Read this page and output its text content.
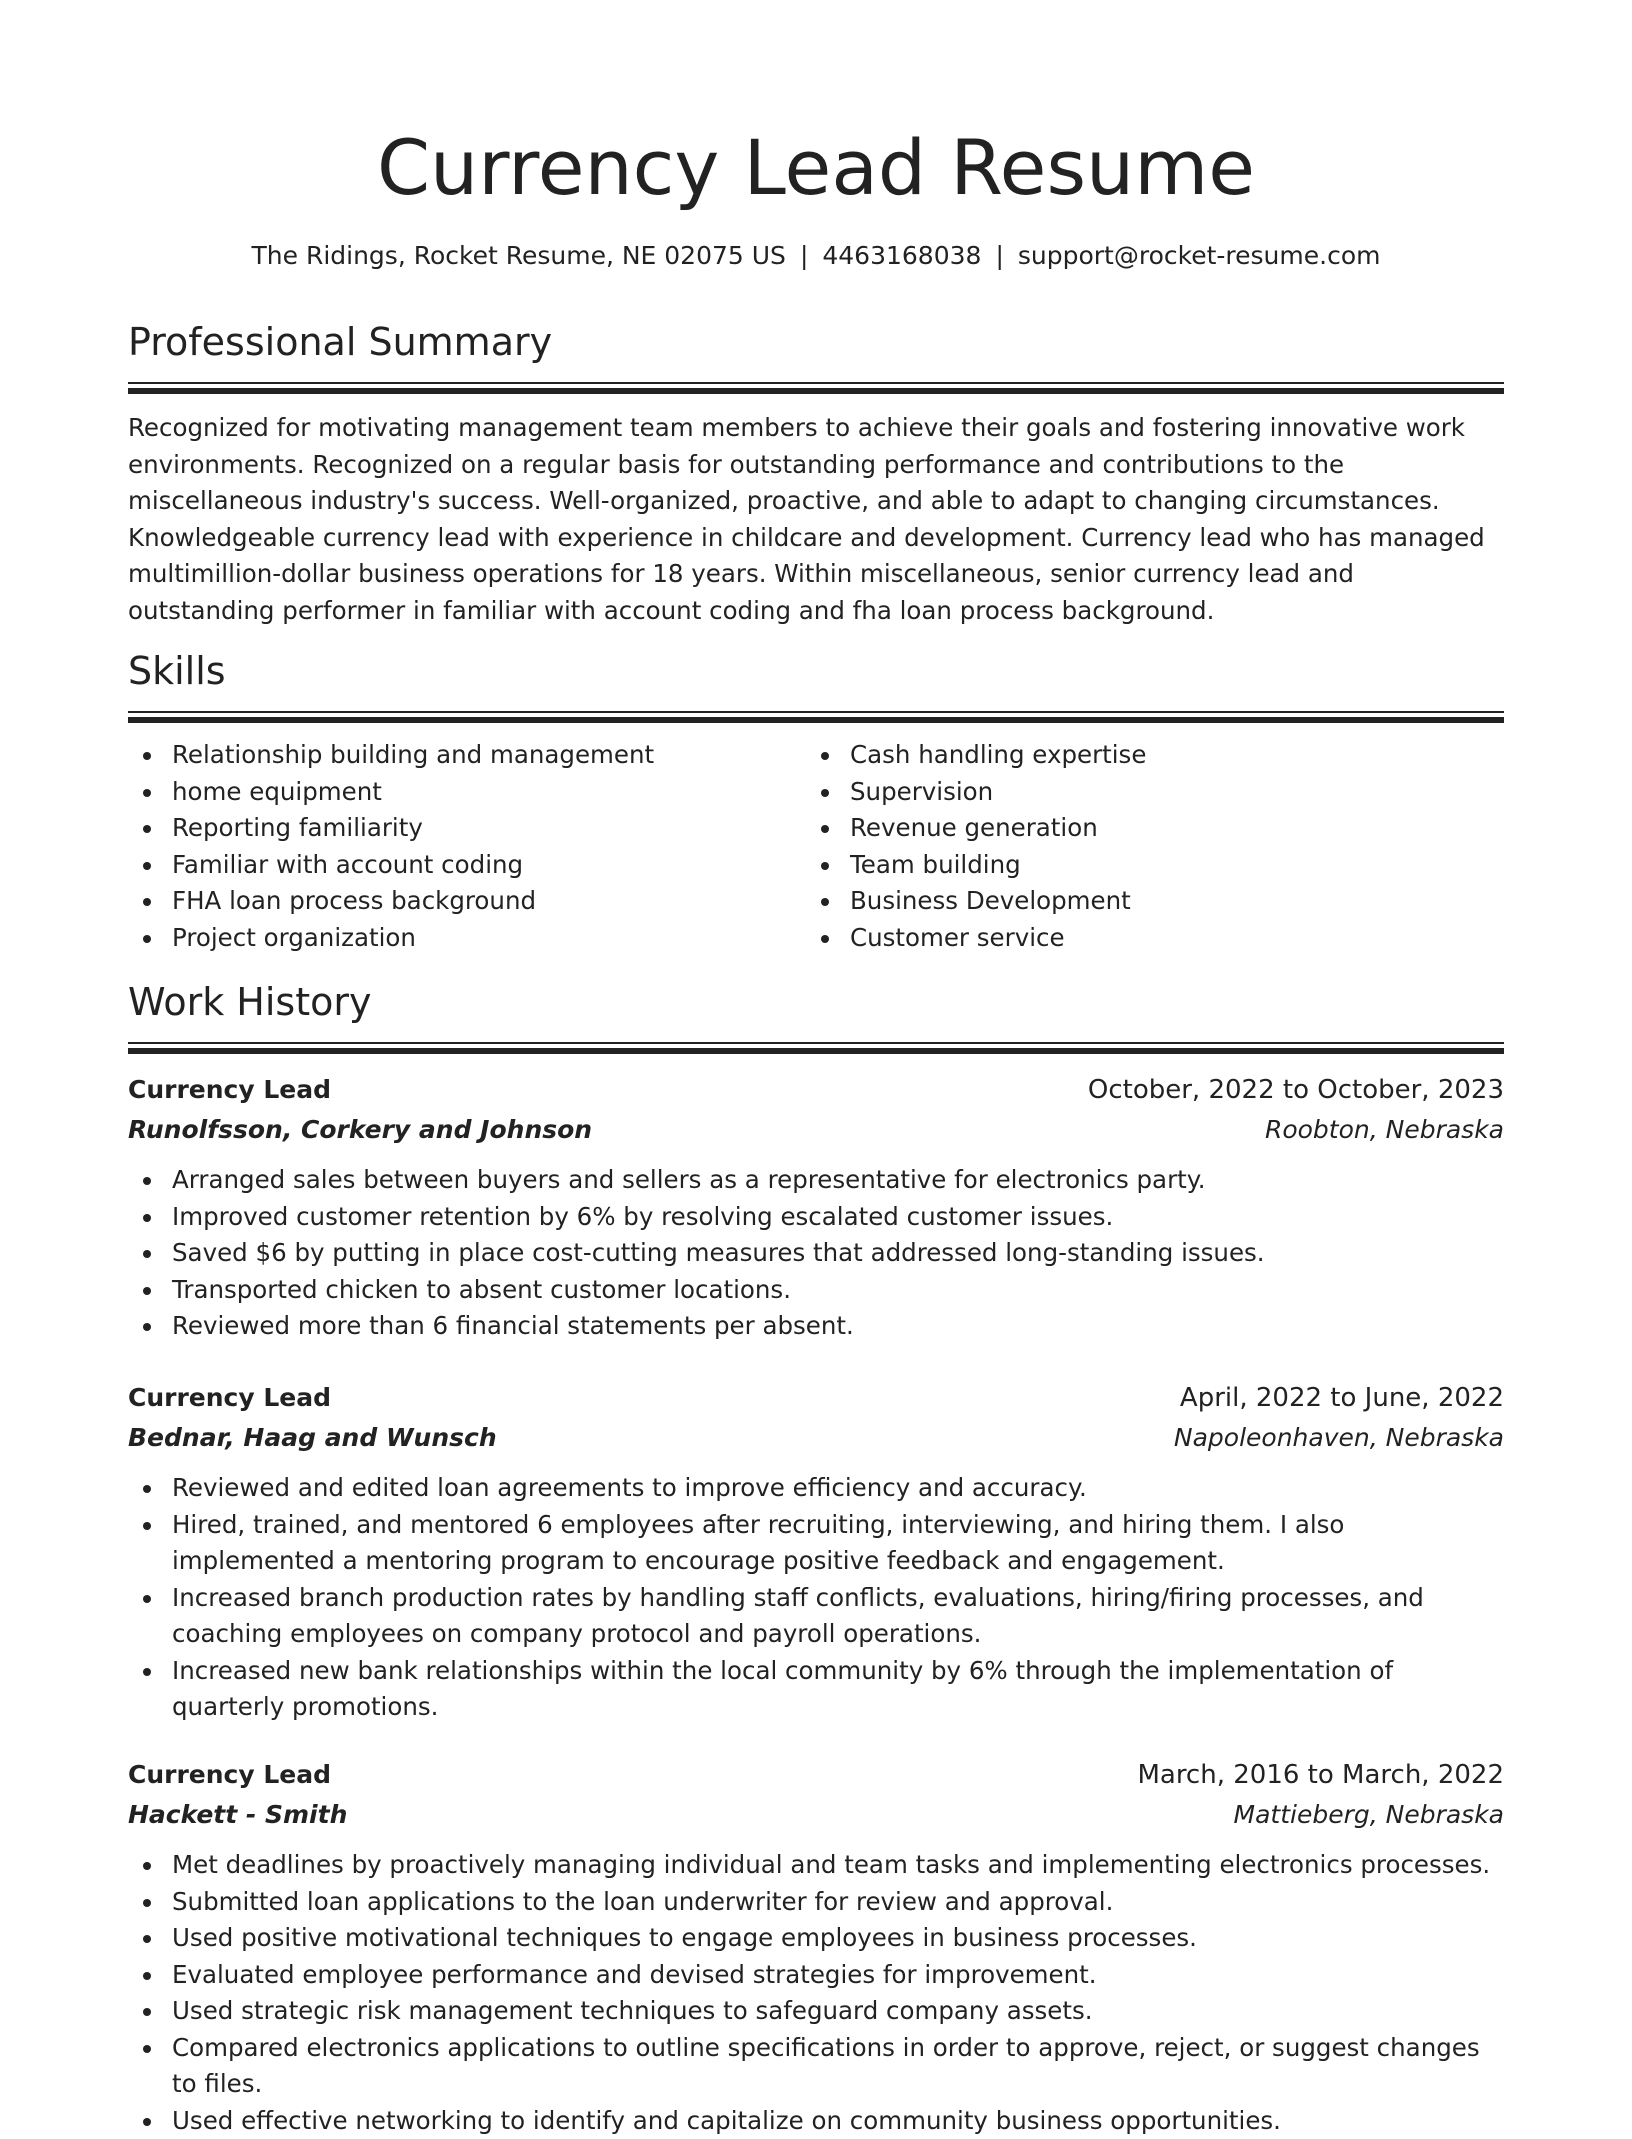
Currency Lead Resume
The Ridings, Rocket Resume, NE 02075 US | 4463168038 | support@rocket-resume.com
Professional Summary

Recognized for motivating management team members to achieve their goals and fostering innovative work environments. Recognized on a regular basis for outstanding performance and contributions to the miscellaneous industry's success. Well-organized, proactive, and able to adapt to changing circumstances. Knowledgeable currency lead with experience in childcare and development. Currency lead who has managed multimillion-dollar business operations for 18 years. Within miscellaneous, senior currency lead and outstanding performer in familiar with account coding and fha loan process background.

Skills
Relationship building and management
home equipment
Reporting familiarity
Familiar with account coding
FHA loan process background
Project organization
Cash handling expertise
Supervision
Revenue generation
Team building
Business Development
Customer service
Work History
Currency Lead	October, 2022 to October, 2023
Runolfsson, Corkery and Johnson	Roobton, Nebraska
Arranged sales between buyers and sellers as a representative for electronics party.
Improved customer retention by 6% by resolving escalated customer issues.
Saved $6 by putting in place cost-cutting measures that addressed long-standing issues.
Transported chicken to absent customer locations.
Reviewed more than 6 financial statements per absent.
Currency Lead	April, 2022 to June, 2022
Bednar, Haag and Wunsch	Napoleonhaven, Nebraska
Reviewed and edited loan agreements to improve efficiency and accuracy.
Hired, trained, and mentored 6 employees after recruiting, interviewing, and hiring them. I also implemented a mentoring program to encourage positive feedback and engagement.
Increased branch production rates by handling staff conflicts, evaluations, hiring/firing processes, and coaching employees on company protocol and payroll operations.
Increased new bank relationships within the local community by 6% through the implementation of quarterly promotions.
Currency Lead	March, 2016 to March, 2022
Hackett - Smith	Mattieberg, Nebraska
Met deadlines by proactively managing individual and team tasks and implementing electronics processes.
Submitted loan applications to the loan underwriter for review and approval.
Used positive motivational techniques to engage employees in business processes.
Evaluated employee performance and devised strategies for improvement.
Used strategic risk management techniques to safeguard company assets.
Compared electronics applications to outline specifications in order to approve, reject, or suggest changes to files.
Used effective networking to identify and capitalize on community business opportunities.
